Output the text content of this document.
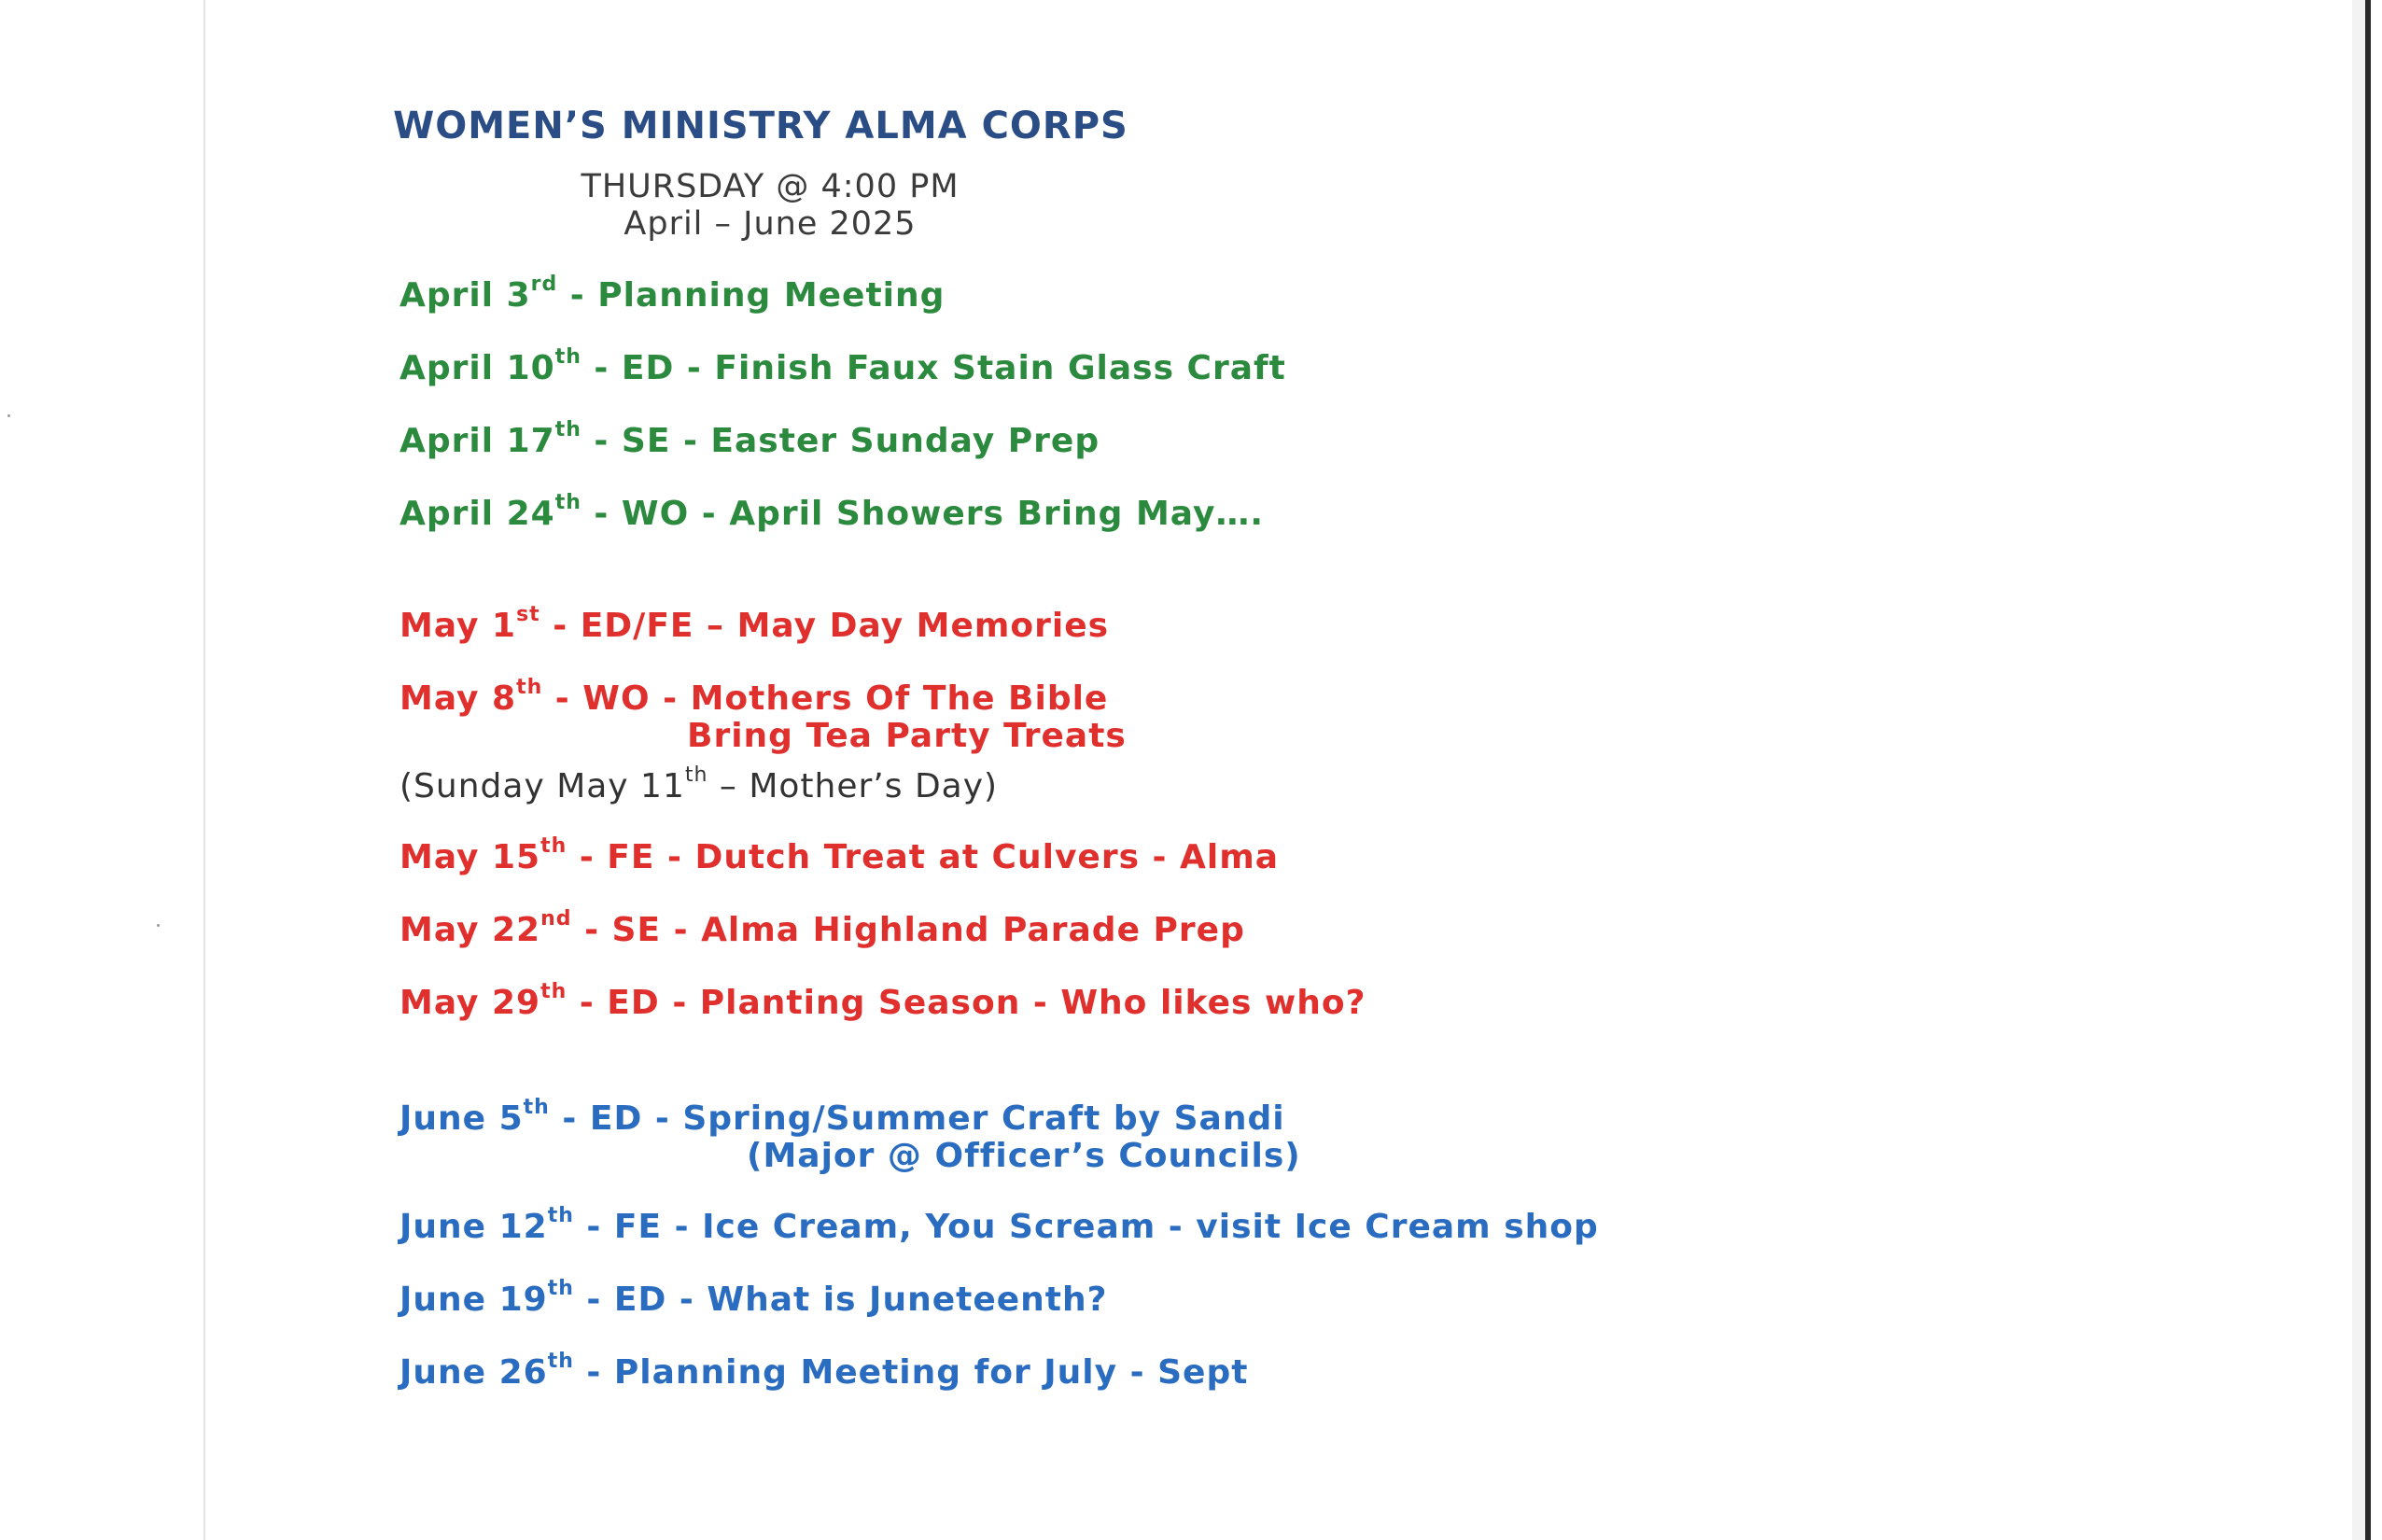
WOMEN’S MINISTRY ALMA CORPS
THURSDAY @ 4:00 PM
April – June 2025
April 3rd - Planning Meeting
April 10th - ED - Finish Faux Stain Glass Craft
April 17th - SE - Easter Sunday Prep
April 24th - WO - April Showers Bring May….
May 1st - ED/FE – May Day Memories
May 8th - WO - Mothers Of The Bible
Bring Tea Party Treats
(Sunday May 11th – Mother’s Day)
May 15th - FE - Dutch Treat at Culvers - Alma
May 22nd - SE - Alma Highland Parade Prep
May 29th - ED - Planting Season - Who likes who?
June 5th - ED - Spring/Summer Craft by Sandi
(Major @ Officer’s Councils)
June 12th - FE - Ice Cream, You Scream - visit Ice Cream shop
June 19th - ED - What is Juneteenth?
June 26th - Planning Meeting for July - Sept
